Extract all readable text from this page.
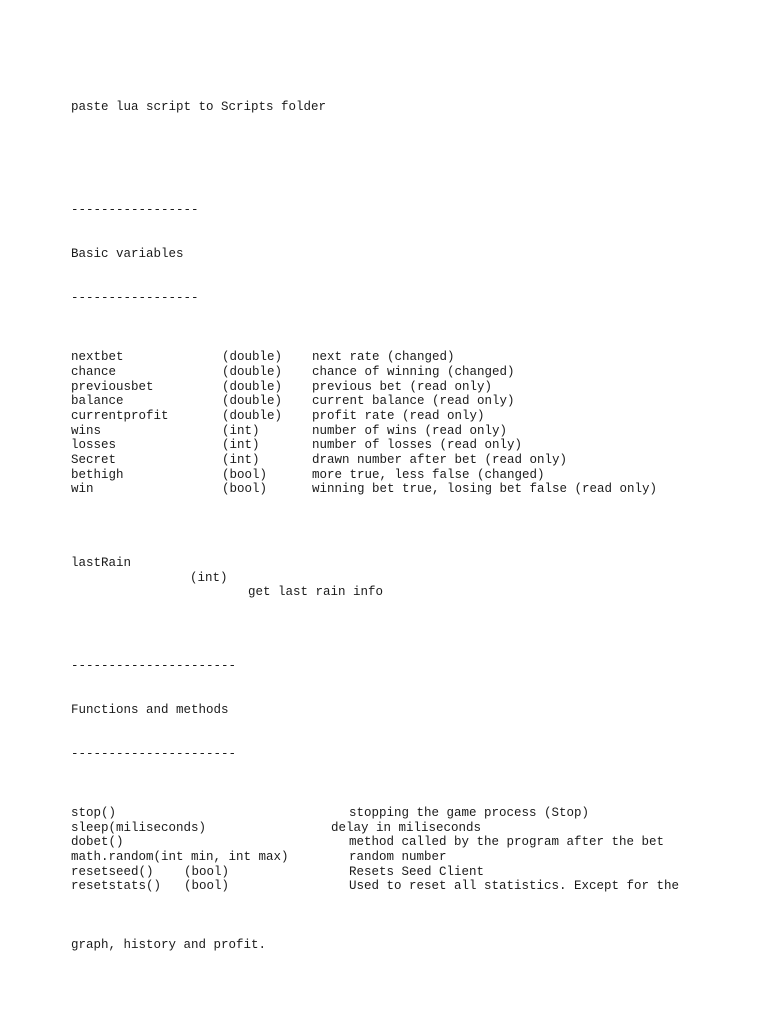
paste lua script to Scripts folder

-----------------

Basic variables

-----------------

nextbet	(double) next rate (changed)
chance	(double) chance of winning (changed)
previousbet	(double) previous bet (read only)
balance	(double) current balance (read only)
currentprofit	(double) profit rate (read only)
wins	(int)	number of wins (read only)
losses	(int)	number of losses (read only)
Secret	(int)	drawn number after bet (read only)
bethigh	(bool)	more true, less false (changed)
win	(bool)	winning bet true, losing bet false (read only)

lastRain

(int)

get last rain info

----------------------

Functions and methods

----------------------

stop()	stopping the game process (Stop)
sleep(miliseconds)	delay in miliseconds
dobet()	method called by the program after the bet
math.random(int min, int max)	random number
resetseed() (bool)	Resets Seed Client
resetstats() (bool)	Used to reset all statistics. Except for the

graph, history and profit.
